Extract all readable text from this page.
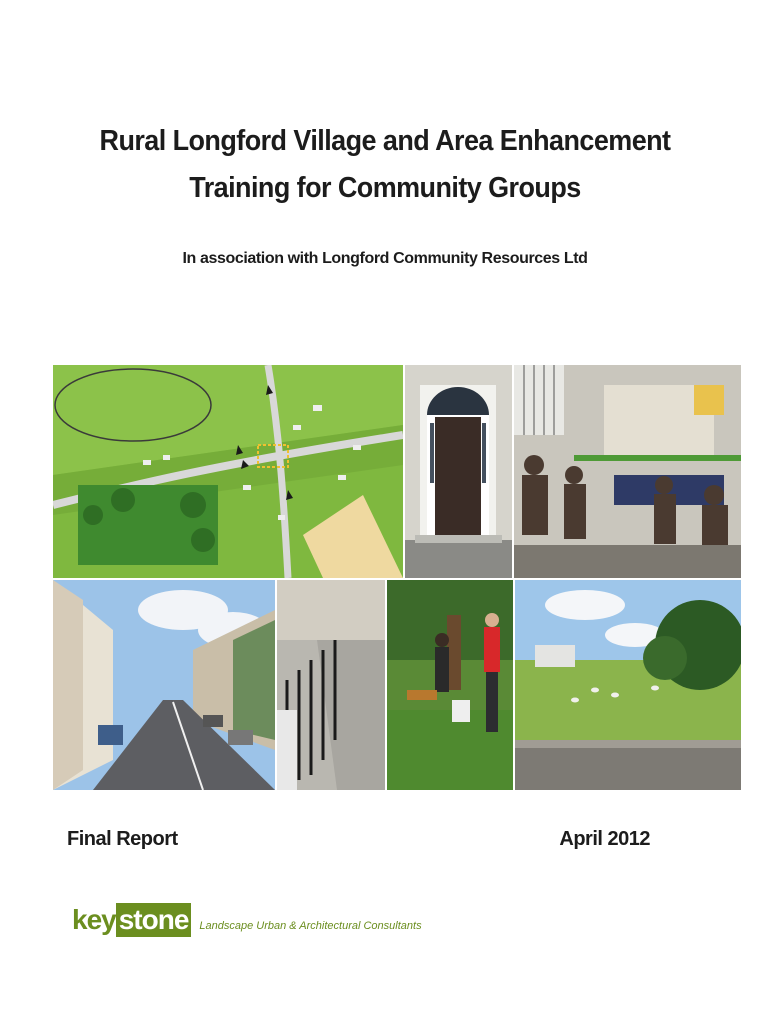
Rural Longford Village and Area Enhancement
Training for Community Groups
In association with Longford Community Resources Ltd
Final Report	April 2012
key stone Landscape Urban & Architectural Consultants
